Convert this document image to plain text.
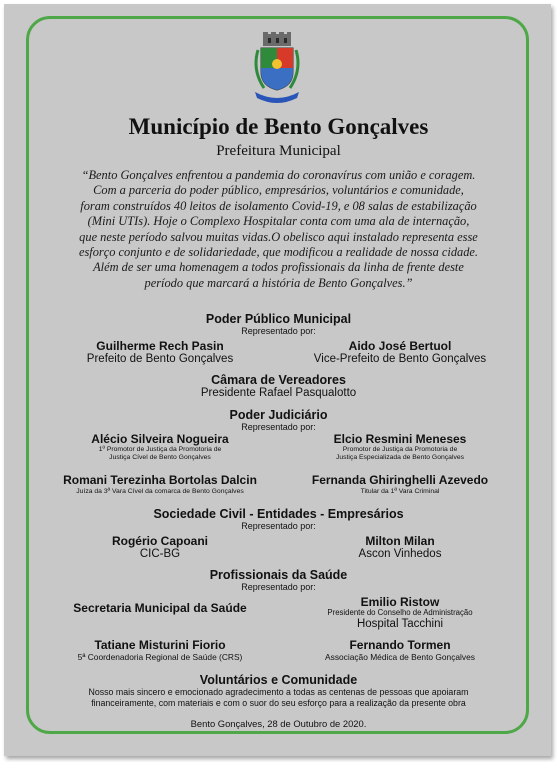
Município de Bento Gonçalves
Prefeitura Municipal
“Bento Gonçalves enfrentou a pandemia do coronavírus com união e coragem.
Com a parceria do poder público, empresários, voluntários e comunidade,
foram construídos 40 leitos de isolamento Covid-19, e 08 salas de estabilização
(Mini UTIs). Hoje o Complexo Hospitalar conta com uma ala de internação,
que neste período salvou muitas vidas.O obelisco aqui instalado representa esse
esforço conjunto e de solidariedade, que modificou a realidade de nossa cidade.
Além de ser uma homenagem a todos profissionais da linha de frente deste
período que marcará a história de Bento Gonçalves.”
Poder Público Municipal
Representado por:
Guilherme Rech Pasin
Prefeito de Bento Gonçalves
Aido José Bertuol
Vice-Prefeito de Bento Gonçalves
Câmara de Vereadores
Presidente Rafael Pasqualotto
Poder Judiciário
Representado por:
Alécio Silveira Nogueira
1º Promotor de Justiça da Promotoria de
Justiça Cível de Bento Gonçalves
Elcio Resmini Meneses
Promotor de Justiça da Promotoria de
Justiça Especializada de Bento Gonçalves
Romani Terezinha Bortolas Dalcin
Juíza da 3ª Vara Cível da comarca de Bento Gonçalves
Fernanda Ghiringhelli Azevedo
Titular da 1ª Vara Criminal
Sociedade Civil - Entidades - Empresários
Representado por:
Rogério Capoani
CIC-BG
Milton Milan
Ascon Vinhedos
Profissionais da Saúde
Representado por:
Secretaria Municipal da Saúde	Emilio Ristow
Presidente do Conselho de Administração
Hospital Tacchini
Tatiane Misturini Fiorio
5ª Coordenadoria Regional de Saúde (CRS)
Fernando Tormen
Associação Médica de Bento Gonçalves
Voluntários e Comunidade
Nosso mais sincero e emocionado agradecimento a todas as centenas de pessoas que apoiaram
financeiramente, com materiais e com o suor do seu esforço para a realização da presente obra
Bento Gonçalves, 28 de Outubro de 2020.
